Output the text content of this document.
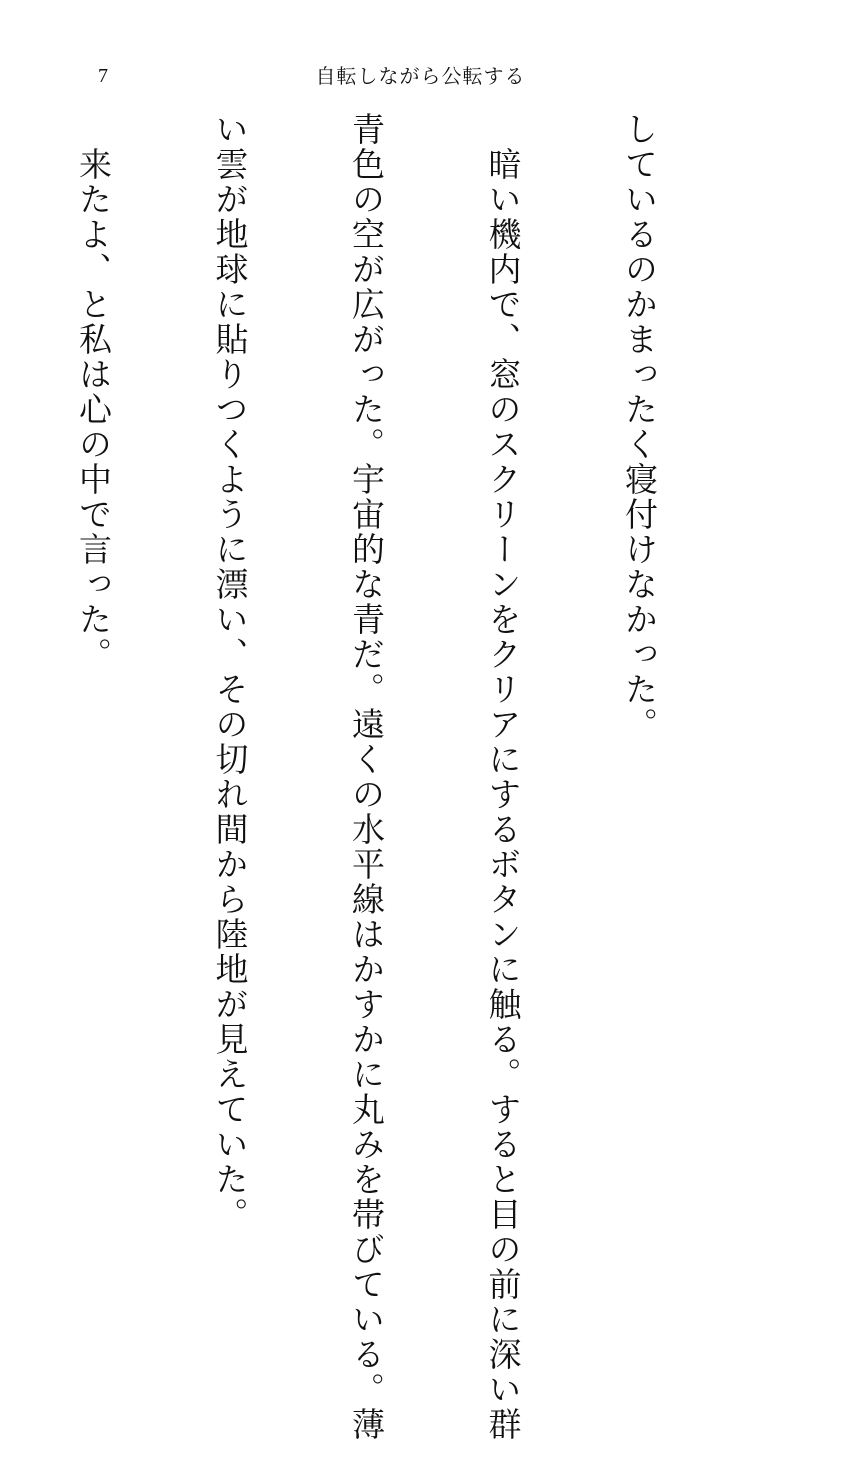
7	自転しながら公転する

しているのかまったく寝付けなかった。

　暗い機内で、窓のスクリーンをクリアにするボタンに触る。すると目の前に深い群

青色の空が広がった。宇宙的な青だ。遠くの水平線はかすかに丸みを帯びている。薄

い雲が地球に貼りつくように漂い、その切れ間から陸地が見えていた。

　来たよ、と私は心の中で言った。
